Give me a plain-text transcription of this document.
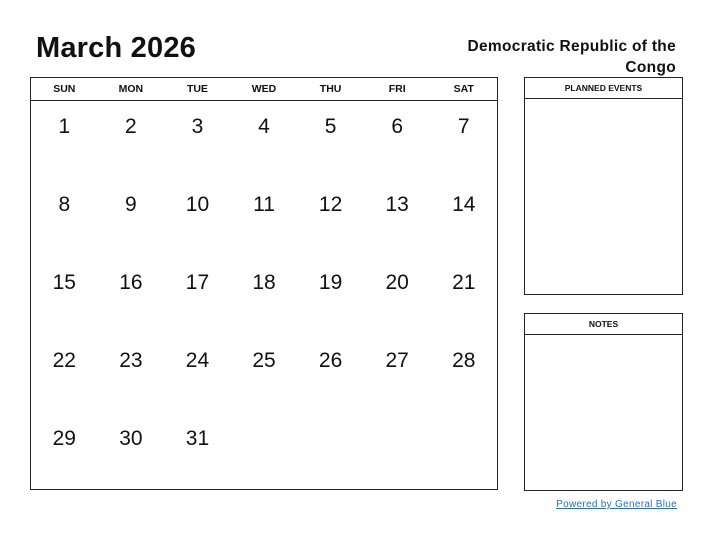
March 2026	Democratic Republic of the Congo
SUN	MON	TUE	WED	THU	FRI	SAT
1	2	3	4	5	6	7
8	9	10	11	12	13	14
15	16	17	18	19	20	21
22	23	24	25	26	27	28
29	30	31
PLANNED EVENTS
NOTES
Powered by General Blue
